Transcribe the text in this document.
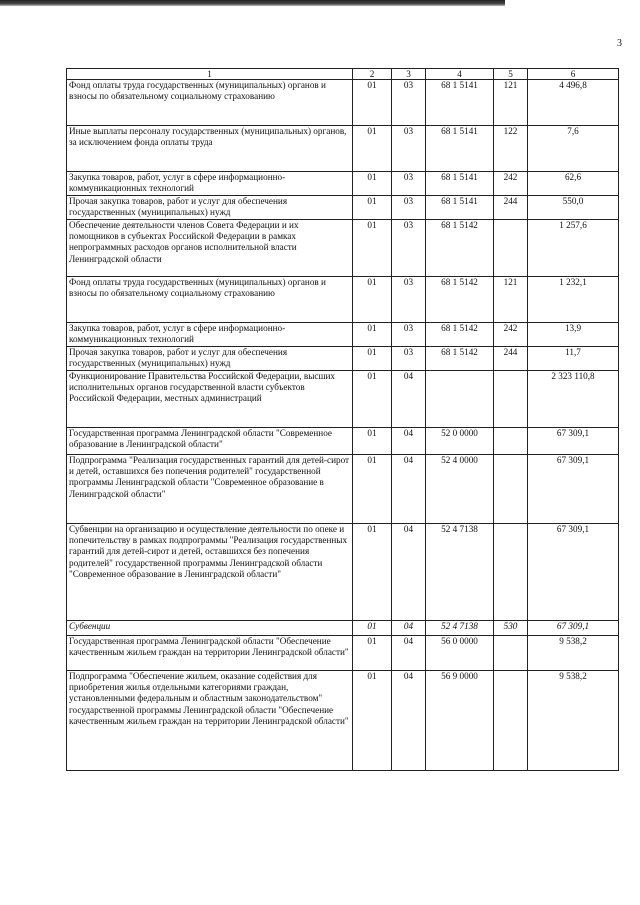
3
1	2	3	4	5	6
Фонд оплаты труда государственных (муниципальных) органов и взносы по обязательному социальному страхованию	01	03	68 1 5141	121	4 496,8
Иные выплаты персоналу государственных (муниципальных) органов, за исключением фонда оплаты труда	01	03	68 1 5141	122	7,6
Закупка товаров, работ, услуг в сфере информационно-коммуникационных технологий	01	03	68 1 5141	242	62,6
Прочая закупка товаров, работ и услуг для обеспечения государственных (муниципальных) нужд	01	03	68 1 5141	244	550,0
Обеспечение деятельности членов Совета Федерации и их помощников в субъектах Российской Федерации в рамках непрограммных расходов органов исполнительной власти Ленинградской области	01	03	68 1 5142		1 257,6
Фонд оплаты труда государственных (муниципальных) органов и взносы по обязательному социальному страхованию	01	03	68 1 5142	121	1 232,1
Закупка товаров, работ, услуг в сфере информационно-коммуникационных технологий	01	03	68 1 5142	242	13,9
Прочая закупка товаров, работ и услуг для обеспечения государственных (муниципальных) нужд	01	03	68 1 5142	244	11,7
Функционирование Правительства Российской Федерации, высших исполнительных органов государственной власти субъектов Российской Федерации, местных администраций	01	04			2 323 110,8
Государственная программа Ленинградской области "Современное образование в Ленинградской области"	01	04	52 0 0000		67 309,1
Подпрограмма "Реализация государственных гарантий для детей-сирот и детей, оставшихся без попечения родителей" государственной программы Ленинградской области "Современное образование в Ленинградской области"	01	04	52 4 0000		67 309,1
Субвенции на организацию и осуществление деятельности по опеке и попечительству в рамках подпрограммы "Реализация государственных гарантий для детей-сирот и детей, оставшихся без попечения родителей" государственной программы Ленинградской области "Современное образование в Ленинградской области"	01	04	52 4 7138		67 309,1
Субвенции	01	04	52 4 7138	530	67 309,1
Государственная программа Ленинградской области "Обеспечение качественным жильем граждан на территории Ленинградской области"	01	04	56 0 0000		9 538,2
Подпрограмма "Обеспечение жильем, оказание содействия для приобретения жилья отдельными категориями граждан, установленными федеральным и областным законодательством" государственной программы Ленинградской области "Обеспечение качественным жильем граждан на территории Ленинградской области"	01	04	56 9 0000		9 538,2
